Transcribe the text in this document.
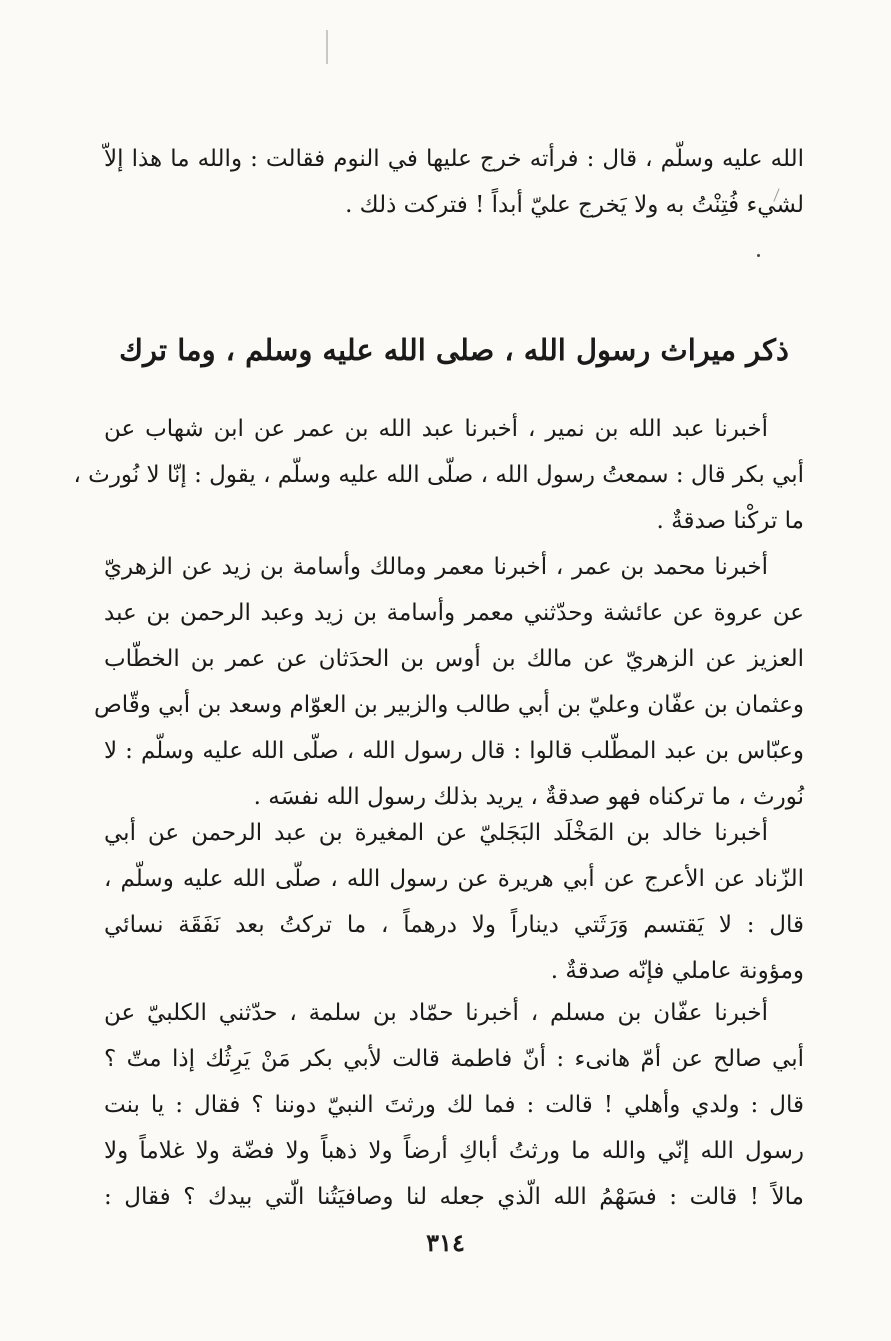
الله عليه وسلّم ، قال : فرأته خرج عليها في النوم فقالت : والله ما هذا إلاّ
لشيء فُتِنْتُ به ولا يَخرج عليّ أبداً ! فتركت ذلك .
ذكر ميراث رسول الله ، صلى الله عليه وسلم ، وما ترك
أخبرنا عبد الله بن نمير ، أخبرنا عبد الله بن عمر عن ابن شهاب عن
أبي بكر قال : سمعتُ رسول الله ، صلّى الله عليه وسلّم ، يقول : إنّا لا نُورث ،
ما تركْنا صدقةٌ .
أخبرنا محمد بن عمر ، أخبرنا معمر ومالك وأسامة بن زيد عن الزهريّ
عن عروة عن عائشة وحدّثني معمر وأسامة بن زيد وعبد الرحمن بن عبد
العزيز عن الزهريّ عن مالك بن أوس بن الحدَثان عن عمر بن الخطّاب
وعثمان بن عفّان وعليّ بن أبي طالب والزبير بن العوّام وسعد بن أبي وقّاص
وعبّاس بن عبد المطّلب قالوا : قال رسول الله ، صلّى الله عليه وسلّم : لا
نُورث ، ما تركناه فهو صدقةٌ ، يريد بذلك رسول الله نفسَه .
أخبرنا خالد بن المَخْلَد البَجَليّ عن المغيرة بن عبد الرحمن عن أبي
الزّناد عن الأعرج عن أبي هريرة عن رسول الله ، صلّى الله عليه وسلّم ،
قال : لا يَقتسم وَرَثَتي ديناراً ولا درهماً ، ما تركتُ بعد نَفَقَة نسائي
ومؤونة عاملي فإنّه صدقةٌ .
أخبرنا عفّان بن مسلم ، أخبرنا حمّاد بن سلمة ، حدّثني الكلبيّ عن
أبي صالح عن أمّ هانىء : أنّ فاطمة قالت لأبي بكر مَنْ يَرِثُك إذا متّ ؟
قال : ولدي وأهلي ! قالت : فما لك ورثتَ النبيّ دوننا ؟ فقال : يا بنت
رسول الله إنّي والله ما ورثتُ أباكِ أرضاً ولا ذهباً ولا فضّة ولا غلاماً ولا
مالاً ! قالت : فسَهْمُ الله الّذي جعله لنا وصافيَتُنا الّتي بيدك ؟ فقال :
٣١٤
